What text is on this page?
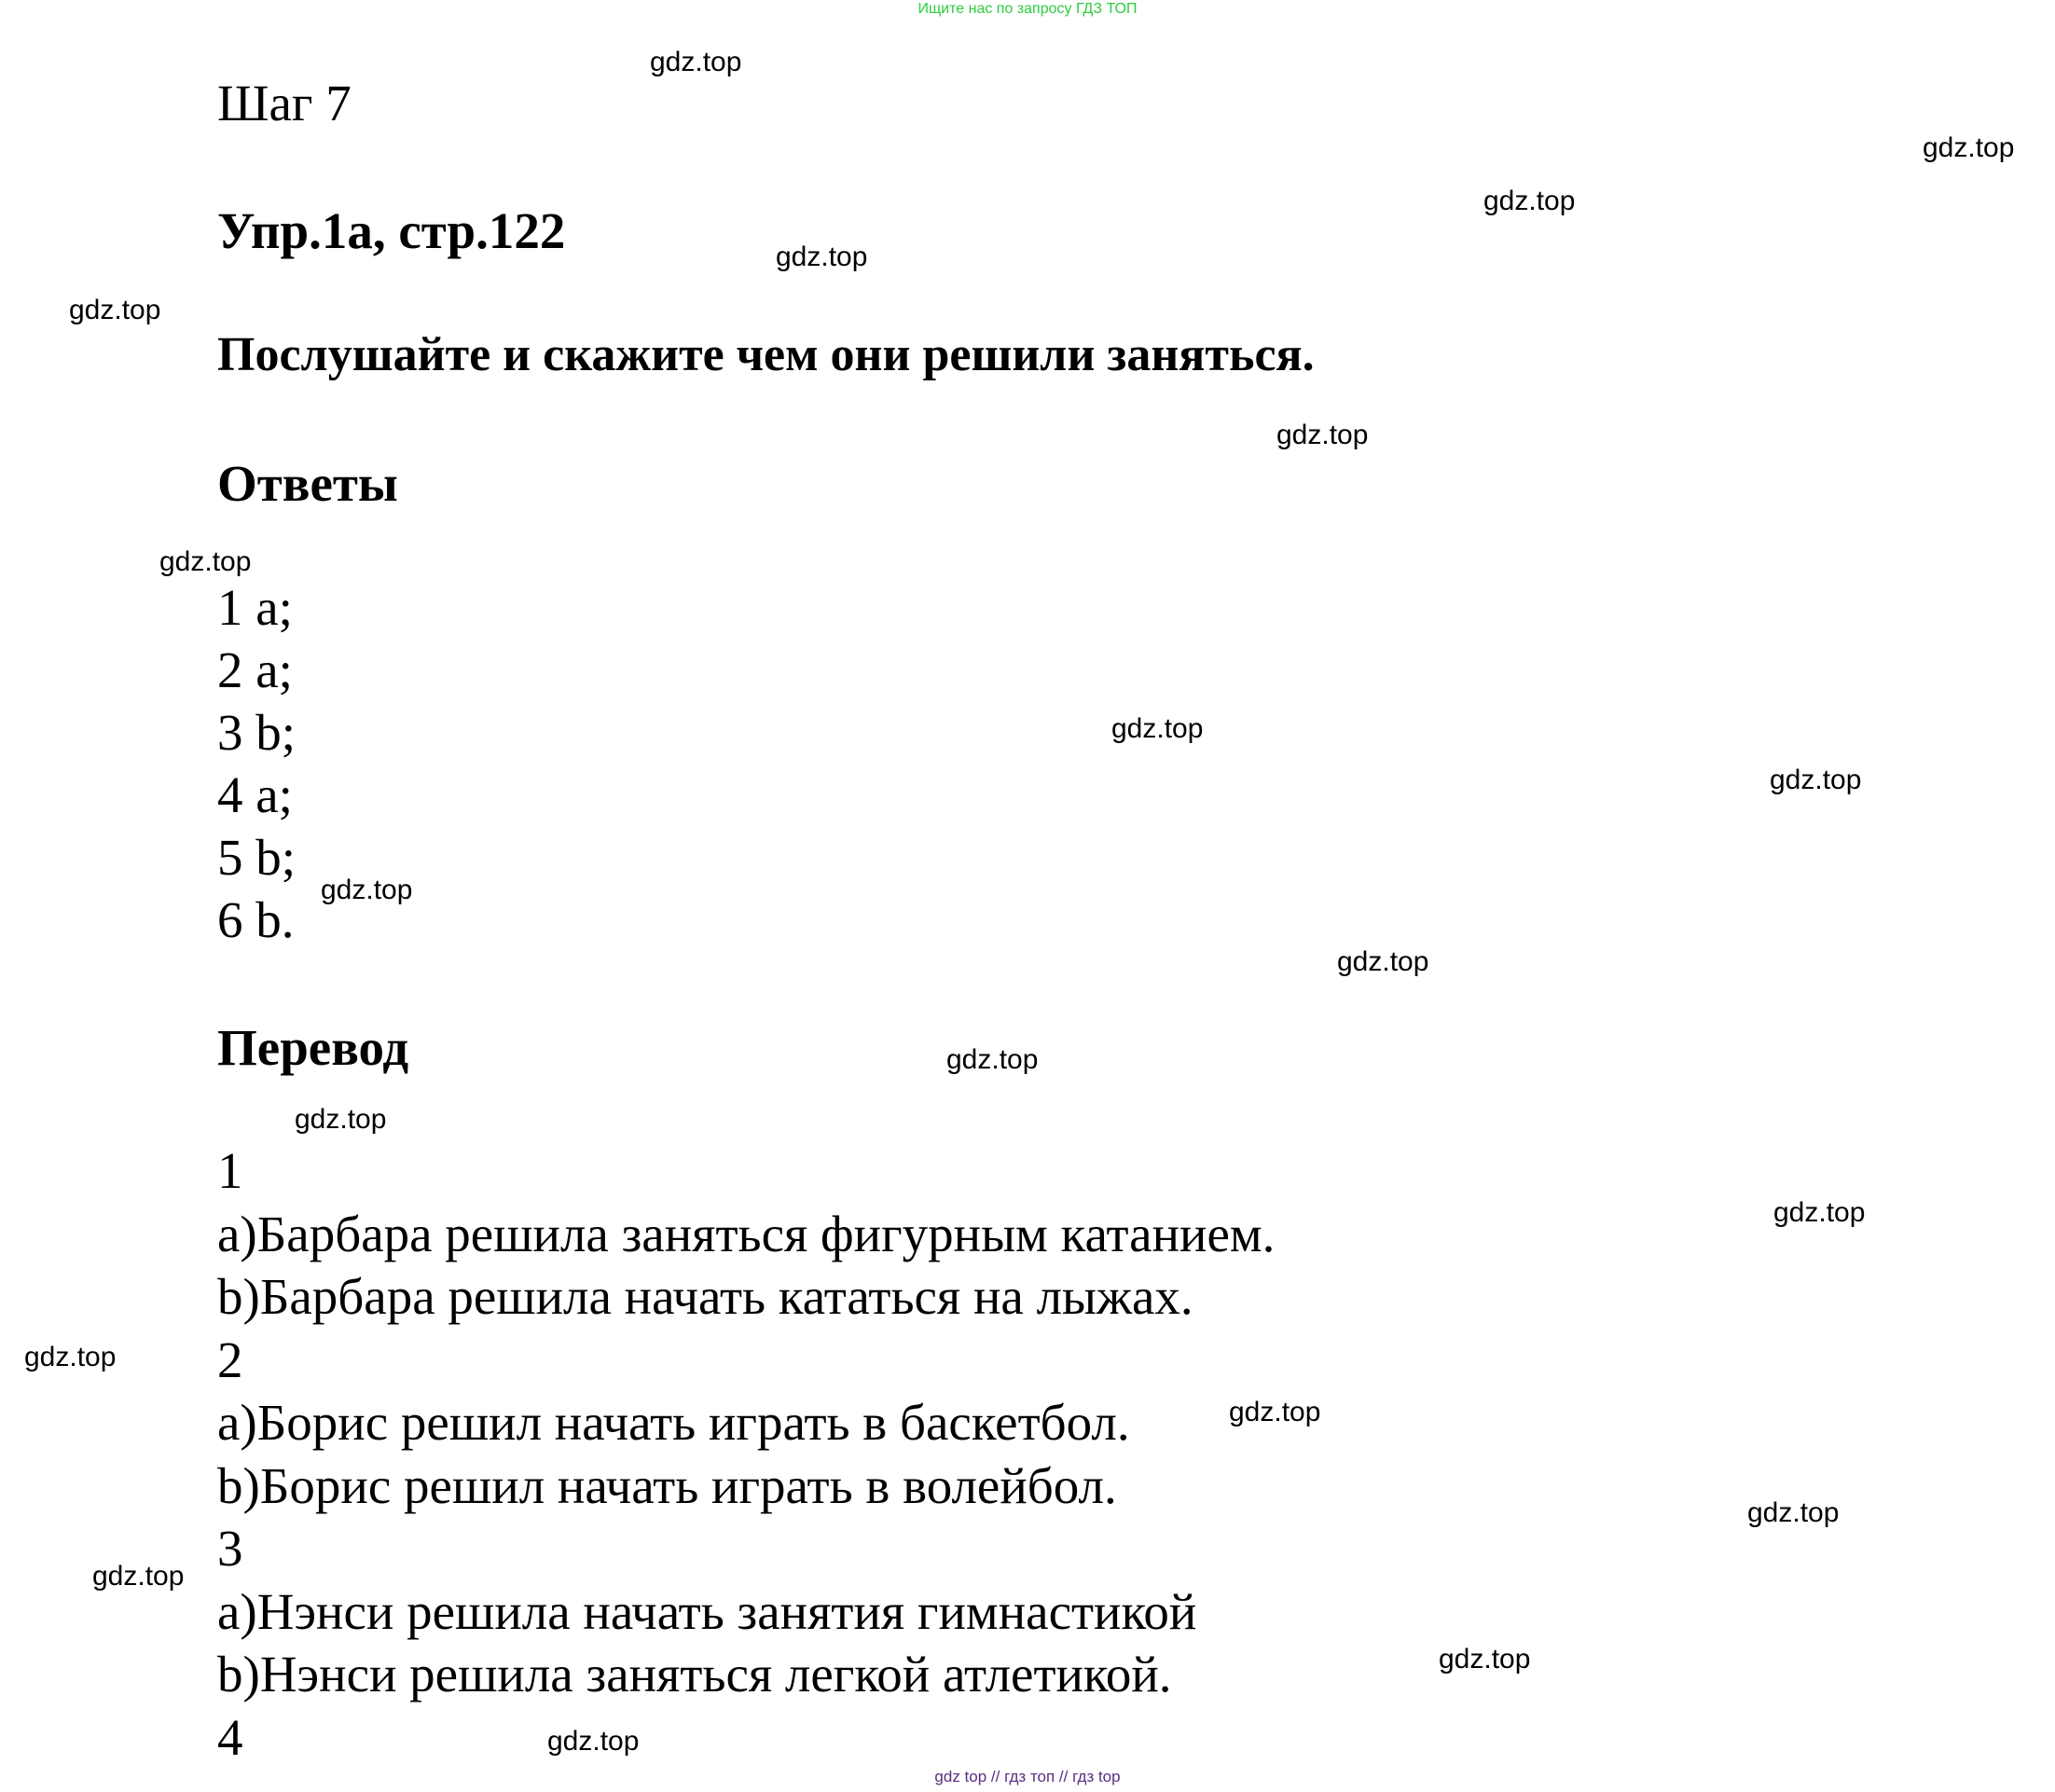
Ищите нас по запросу ГДЗ ТОП
Шаг 7
Упр.1а, стр.122
Послушайте и скажите чем они решили заняться.
Ответы
1 a;
2 a;
3 b;
4 a;
5 b;
6 b.
Перевод
1
a)Барбара решила заняться фигурным катанием.
b)Барбара решила начать кататься на лыжах.
2
a)Борис решил начать играть в баскетбол.
b)Борис решил начать играть в волейбол.
3
a)Нэнси решила начать занятия гимнастикой
b)Нэнси решила заняться легкой атлетикой.
4
gdz.top
gdz.top
gdz.top
gdz.top
gdz.top
gdz.top
gdz.top
gdz.top
gdz.top
gdz.top
gdz.top
gdz.top
gdz.top
gdz.top
gdz.top
gdz.top
gdz.top
gdz.top
gdz.top
gdz.top
gdz top // гдз топ // гдз top
